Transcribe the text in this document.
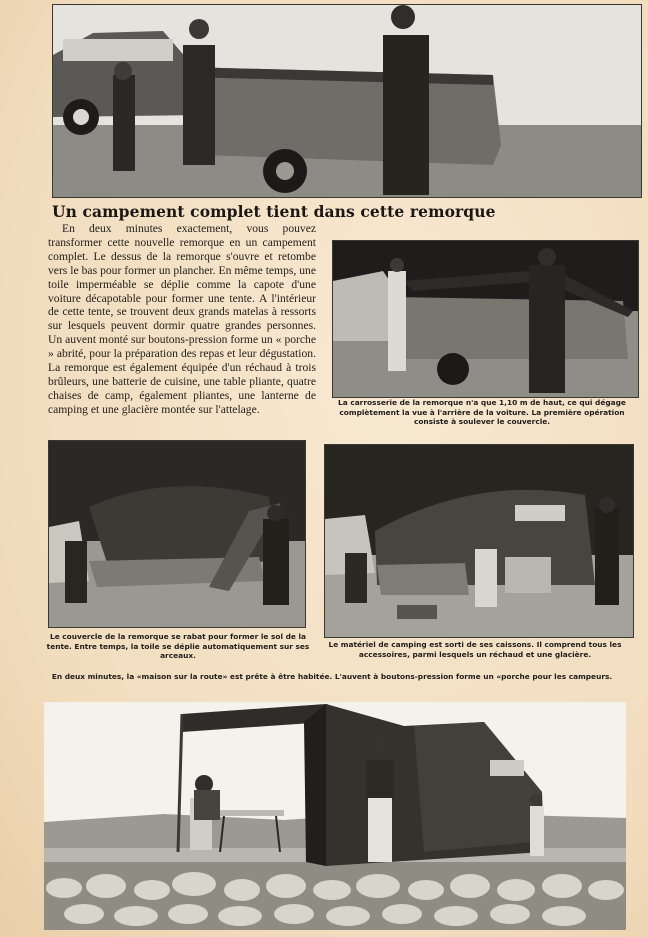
Un campement complet tient dans cette remorque
En deux minutes exactement, vous pouvez transformer cette nouvelle remorque en un campement complet. Le dessus de la remorque s'ouvre et retombe vers le bas pour former un plancher. En même temps, une toile imperméable se déplie comme la capote d'une voiture décapotable pour former une tente. A l'intérieur de cette tente, se trouvent deux grands matelas à ressorts sur lesquels peuvent dormir quatre grandes personnes. Un auvent monté sur boutons-pression forme un « porche » abrité, pour la préparation des repas et leur dégustation. La remorque est également équipée d'un réchaud à trois brûleurs, une batterie de cuisine, une table pliante, quatre chaises de camp, également pliantes, une lanterne de camping et une glacière montée sur l'attelage.
La carrosserie de la remorque n'a que 1,10 m de haut, ce qui dégage complètement la vue à l'arrière de la voiture. La première opération consiste à soulever le couvercle.
Le couvercle de la remorque se rabat pour former le sol de la tente. Entre temps, la toile se déplie automatiquement sur ses arceaux.
Le matériel de camping est sorti de ses caissons. Il comprend tous les accessoires, parmi lesquels un réchaud et une glacière.
En deux minutes, la «maison sur la route» est prête à être habitée. L'auvent à boutons-pression forme un «porche pour les campeurs.
